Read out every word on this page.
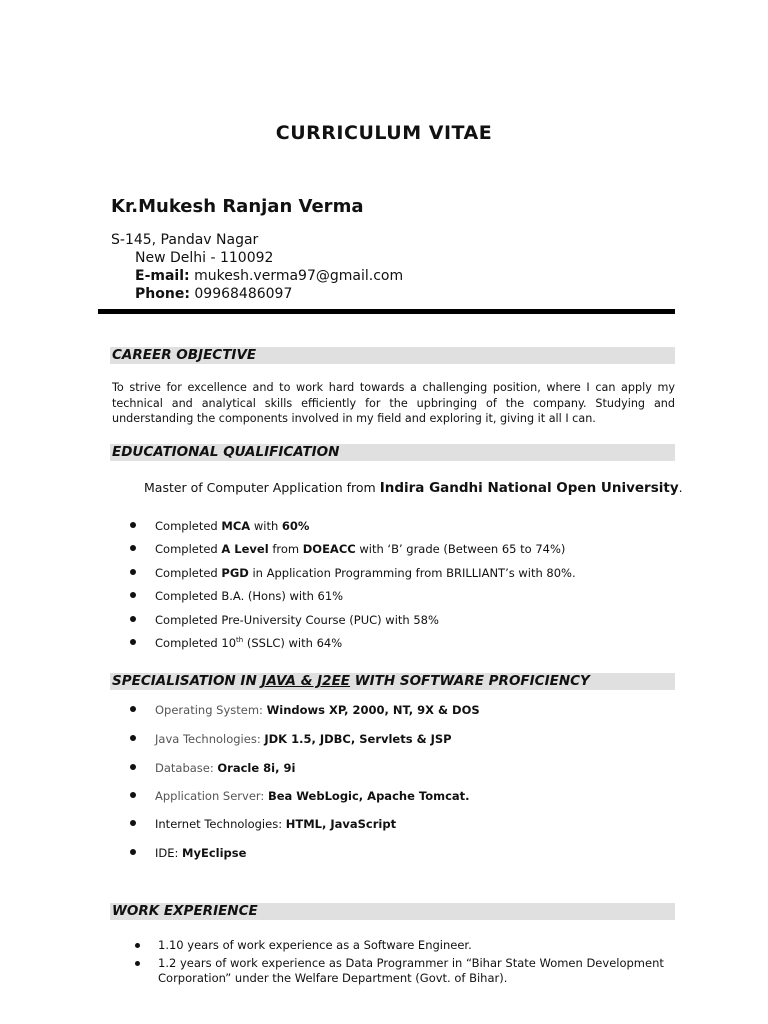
CURRICULUM VITAE
Kr.Mukesh Ranjan Verma
S-145, Pandav Nagar
New Delhi - 110092
E-mail: mukesh.verma97@gmail.com
Phone: 09968486097
CAREER OBJECTIVE
To strive for excellence and to work hard towards a challenging position, where I can apply my technical and analytical skills efficiently for the upbringing of the company. Studying and understanding the components involved in my field and exploring it, giving it all I can.
EDUCATIONAL QUALIFICATION
Master of Computer Application from Indira Gandhi National Open University.
Completed MCA with 60%
Completed A Level from DOEACC with ‘B’ grade (Between 65 to 74%)
Completed PGD in Application Programming from BRILLIANT’s with 80%.
Completed B.A. (Hons) with 61%
Completed Pre-University Course (PUC) with 58%
Completed 10th (SSLC) with 64%
SPECIALISATION IN JAVA & J2EE WITH SOFTWARE PROFICIENCY
Operating System: Windows XP, 2000, NT, 9X & DOS
Java Technologies: JDK 1.5, JDBC, Servlets & JSP
Database: Oracle 8i, 9i
Application Server: Bea WebLogic, Apache Tomcat.
Internet Technologies: HTML, JavaScript
IDE: MyEclipse
WORK EXPERIENCE
1.10 years of work experience as a Software Engineer.
1.2 years of work experience as Data Programmer in “Bihar State Women Development Corporation” under the Welfare Department (Govt. of Bihar).
